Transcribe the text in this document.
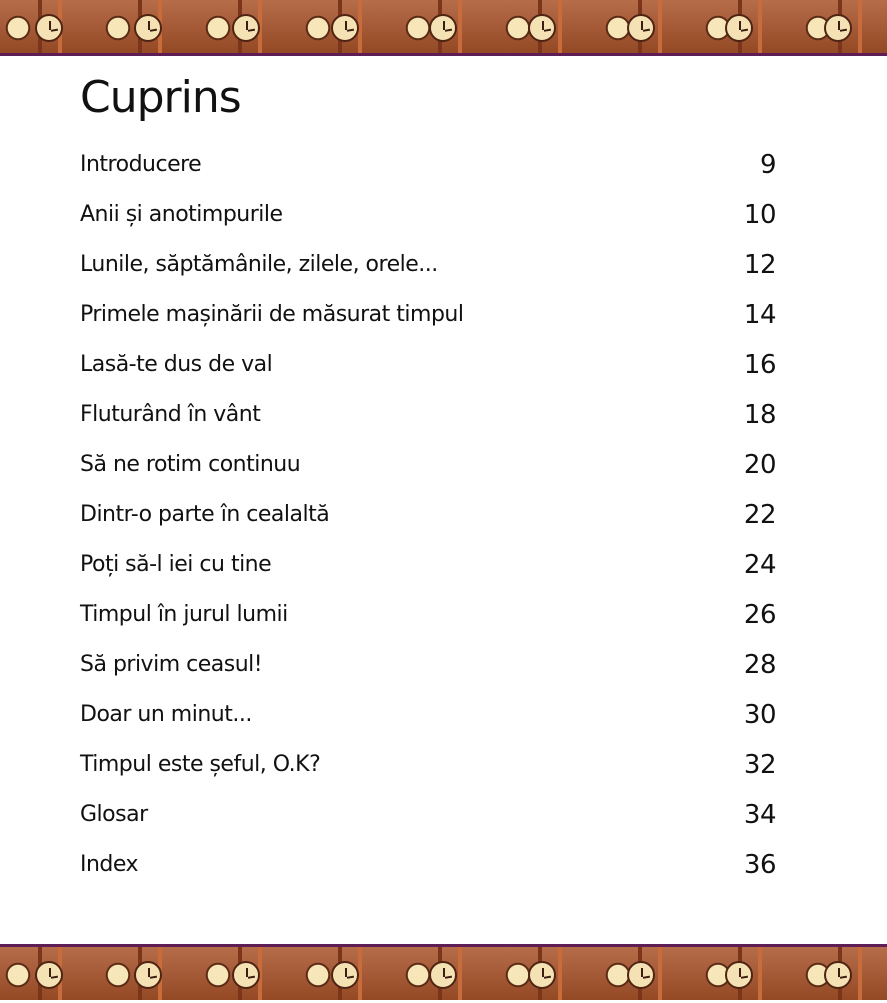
Cuprins
Introducere	9
Anii și anotimpurile	10
Lunile, săptămânile, zilele, orele...	12
Primele mașinării de măsurat timpul	14
Lasă-te dus de val	16
Fluturând în vânt	18
Să ne rotim continuu	20
Dintr-o parte în cealaltă	22
Poți să-l iei cu tine	24
Timpul în jurul lumii	26
Să privim ceasul!	28
Doar un minut...	30
Timpul este șeful, O.K?	32
Glosar	34
Index	36
